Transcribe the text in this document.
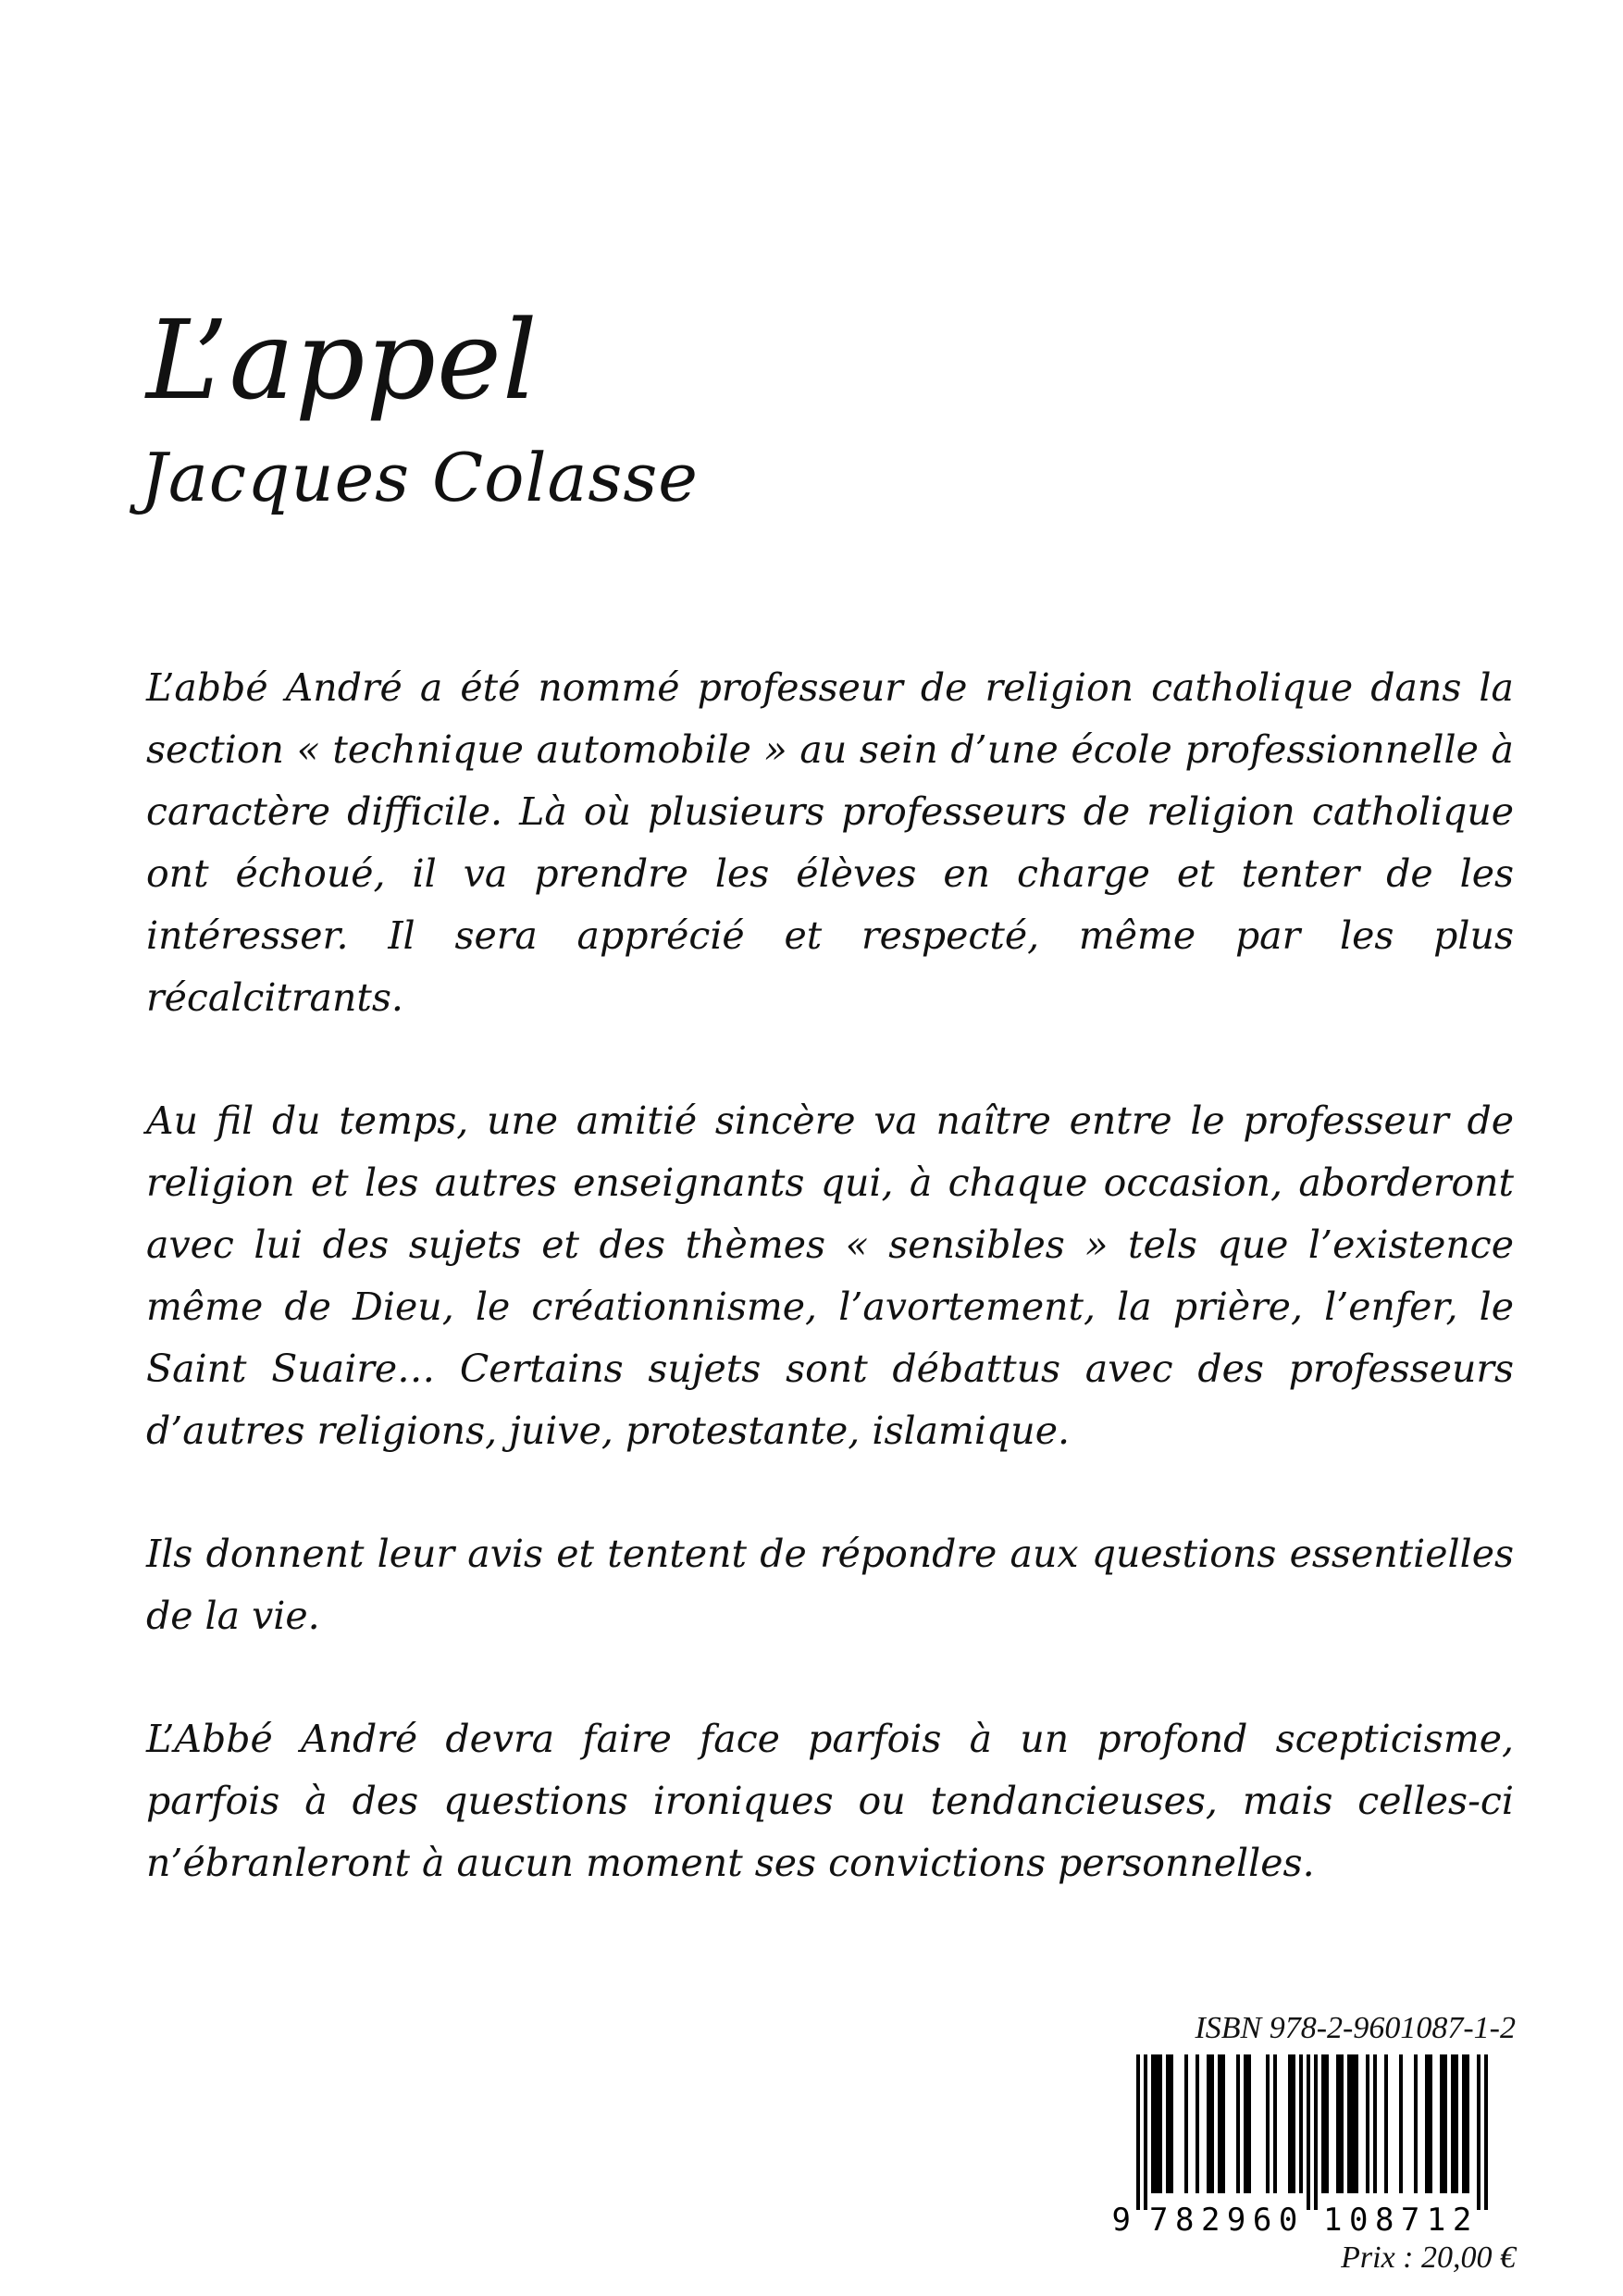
L’appel
Jacques Colasse

L’abbé André a été nommé professeur de religion catholique dans la section « technique automobile » au sein d’une école professionnelle à caractère difficile. Là où plusieurs professeurs de religion catholique ont échoué, il va prendre les élèves en charge et tenter de les intéresser. Il sera apprécié et respecté, même par les plus récalcitrants.

Au fil du temps, une amitié sincère va naître entre le professeur de religion et les autres enseignants qui, à chaque occasion, aborderont avec lui des sujets et des thèmes « sensibles » tels que l’existence même de Dieu, le créationnisme, l’avortement, la prière, l’enfer, le Saint Suaire… Certains sujets sont débattus avec des professeurs d’autres religions, juive, protestante, islamique.

Ils donnent leur avis et tentent de répondre aux questions essentielles de la vie.

L’Abbé André devra faire face parfois à un profond scepticisme, parfois à des questions ironiques ou tendancieuses, mais celles-ci n’ébranleront à aucun moment ses convictions personnelles.

ISBN 978-2-9601087-1-2
9 782960 108712
Prix : 20,00 €
